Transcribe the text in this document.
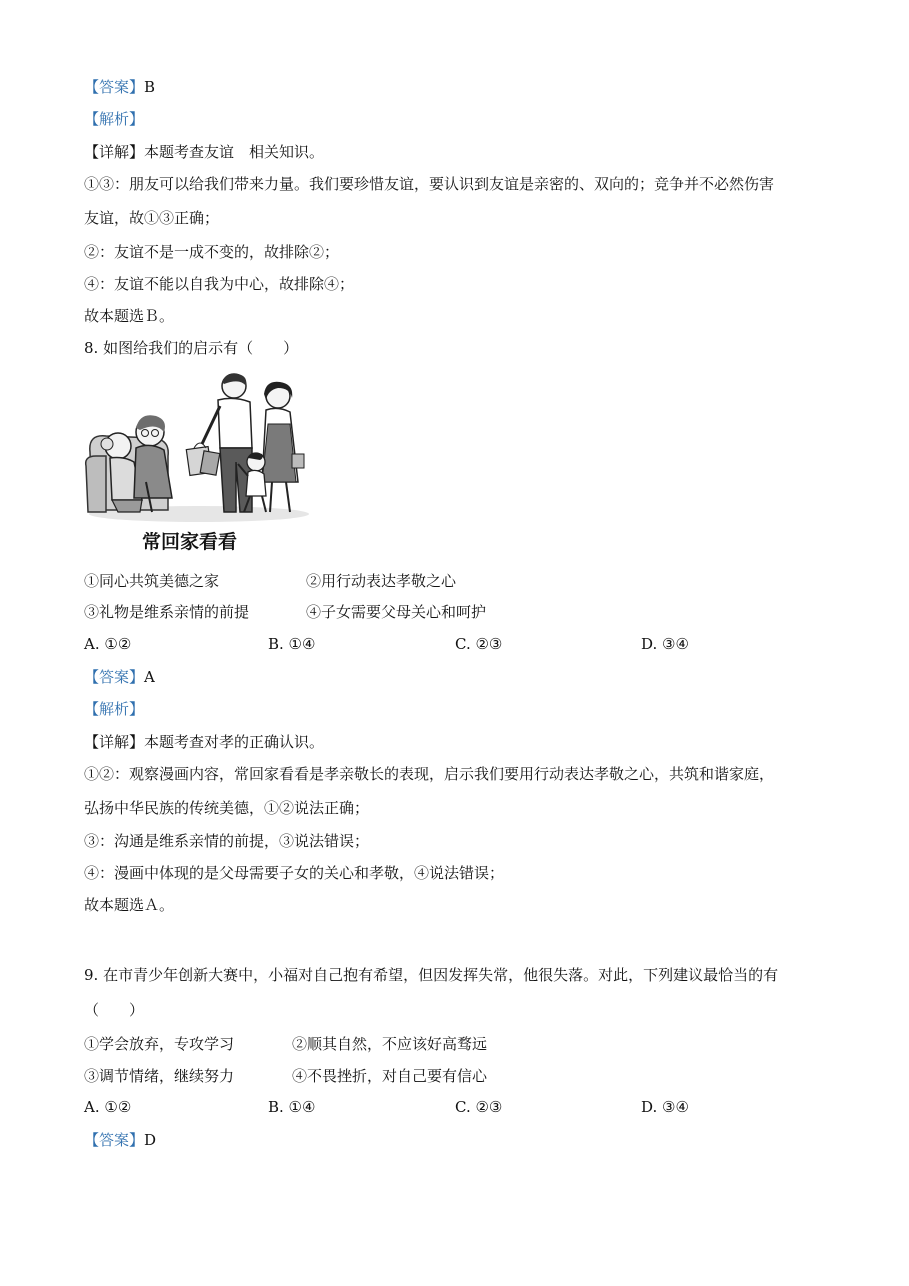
【答案】B
【解析】
【详解】本题考查友谊　相关知识。
①③：朋友可以给我们带来力量。我们要珍惜友谊，要认识到友谊是亲密的、双向的；竞争并不必然伤害
友谊，故①③正确；
②：友谊不是一成不变的，故排除②；
④：友谊不能以自我为中心，故排除④；
故本题选Ｂ。
8. 如图给我们的启示有（　　）
常回家看看
①同心共筑美德之家	②用行动表达孝敬之心
③礼物是维系亲情的前提	④子女需要父母关心和呵护
A. ①②	B. ①④	C. ②③	D. ③④
【答案】A
【解析】
【详解】本题考查对孝的正确认识。
①②：观察漫画内容，常回家看看是孝亲敬长的表现，启示我们要用行动表达孝敬之心，共筑和谐家庭，
弘扬中华民族的传统美德，①②说法正确；
③：沟通是维系亲情的前提，③说法错误；
④：漫画中体现的是父母需要子女的关心和孝敬，④说法错误；
故本题选Ａ。
9. 在市青少年创新大赛中，小福对自己抱有希望，但因发挥失常，他很失落。对此，下列建议最恰当的有
（　　）
①学会放弃，专攻学习	②顺其自然，不应该好高骛远
③调节情绪，继续努力	④不畏挫折，对自己要有信心
A. ①②	B. ①④	C. ②③	D. ③④
【答案】D
